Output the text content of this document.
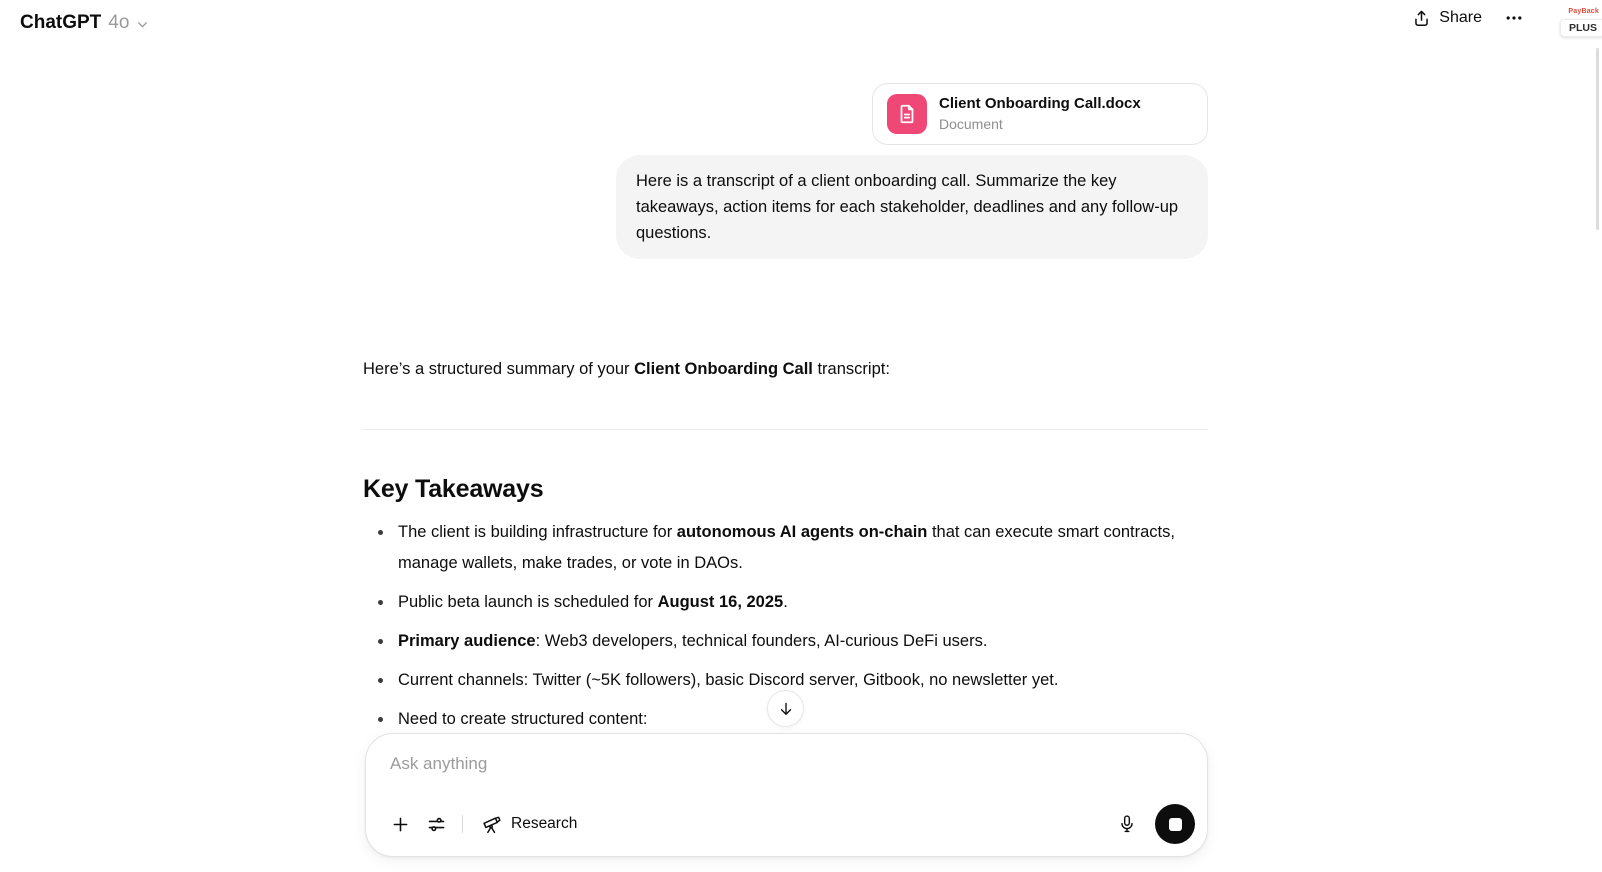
ChatGPT 4o	Share	PayBack
PLUS
Client Onboarding Call.docx
Document
Here is a transcript of a client onboarding call. Summarize the key takeaways, action items for each stakeholder, deadlines and any follow-up questions.

Here’s a structured summary of your Client Onboarding Call transcript:

Key Takeaways
The client is building infrastructure for autonomous AI agents on-chain that can execute smart contracts, manage wallets, make trades, or vote in DAOs.
Public beta launch is scheduled for August 16, 2025.
Primary audience: Web3 developers, technical founders, AI-curious DeFi users.
Current channels: Twitter (~5K followers), basic Discord server, Gitbook, no newsletter yet.
Need to create structured content:
Ask anything
Research
